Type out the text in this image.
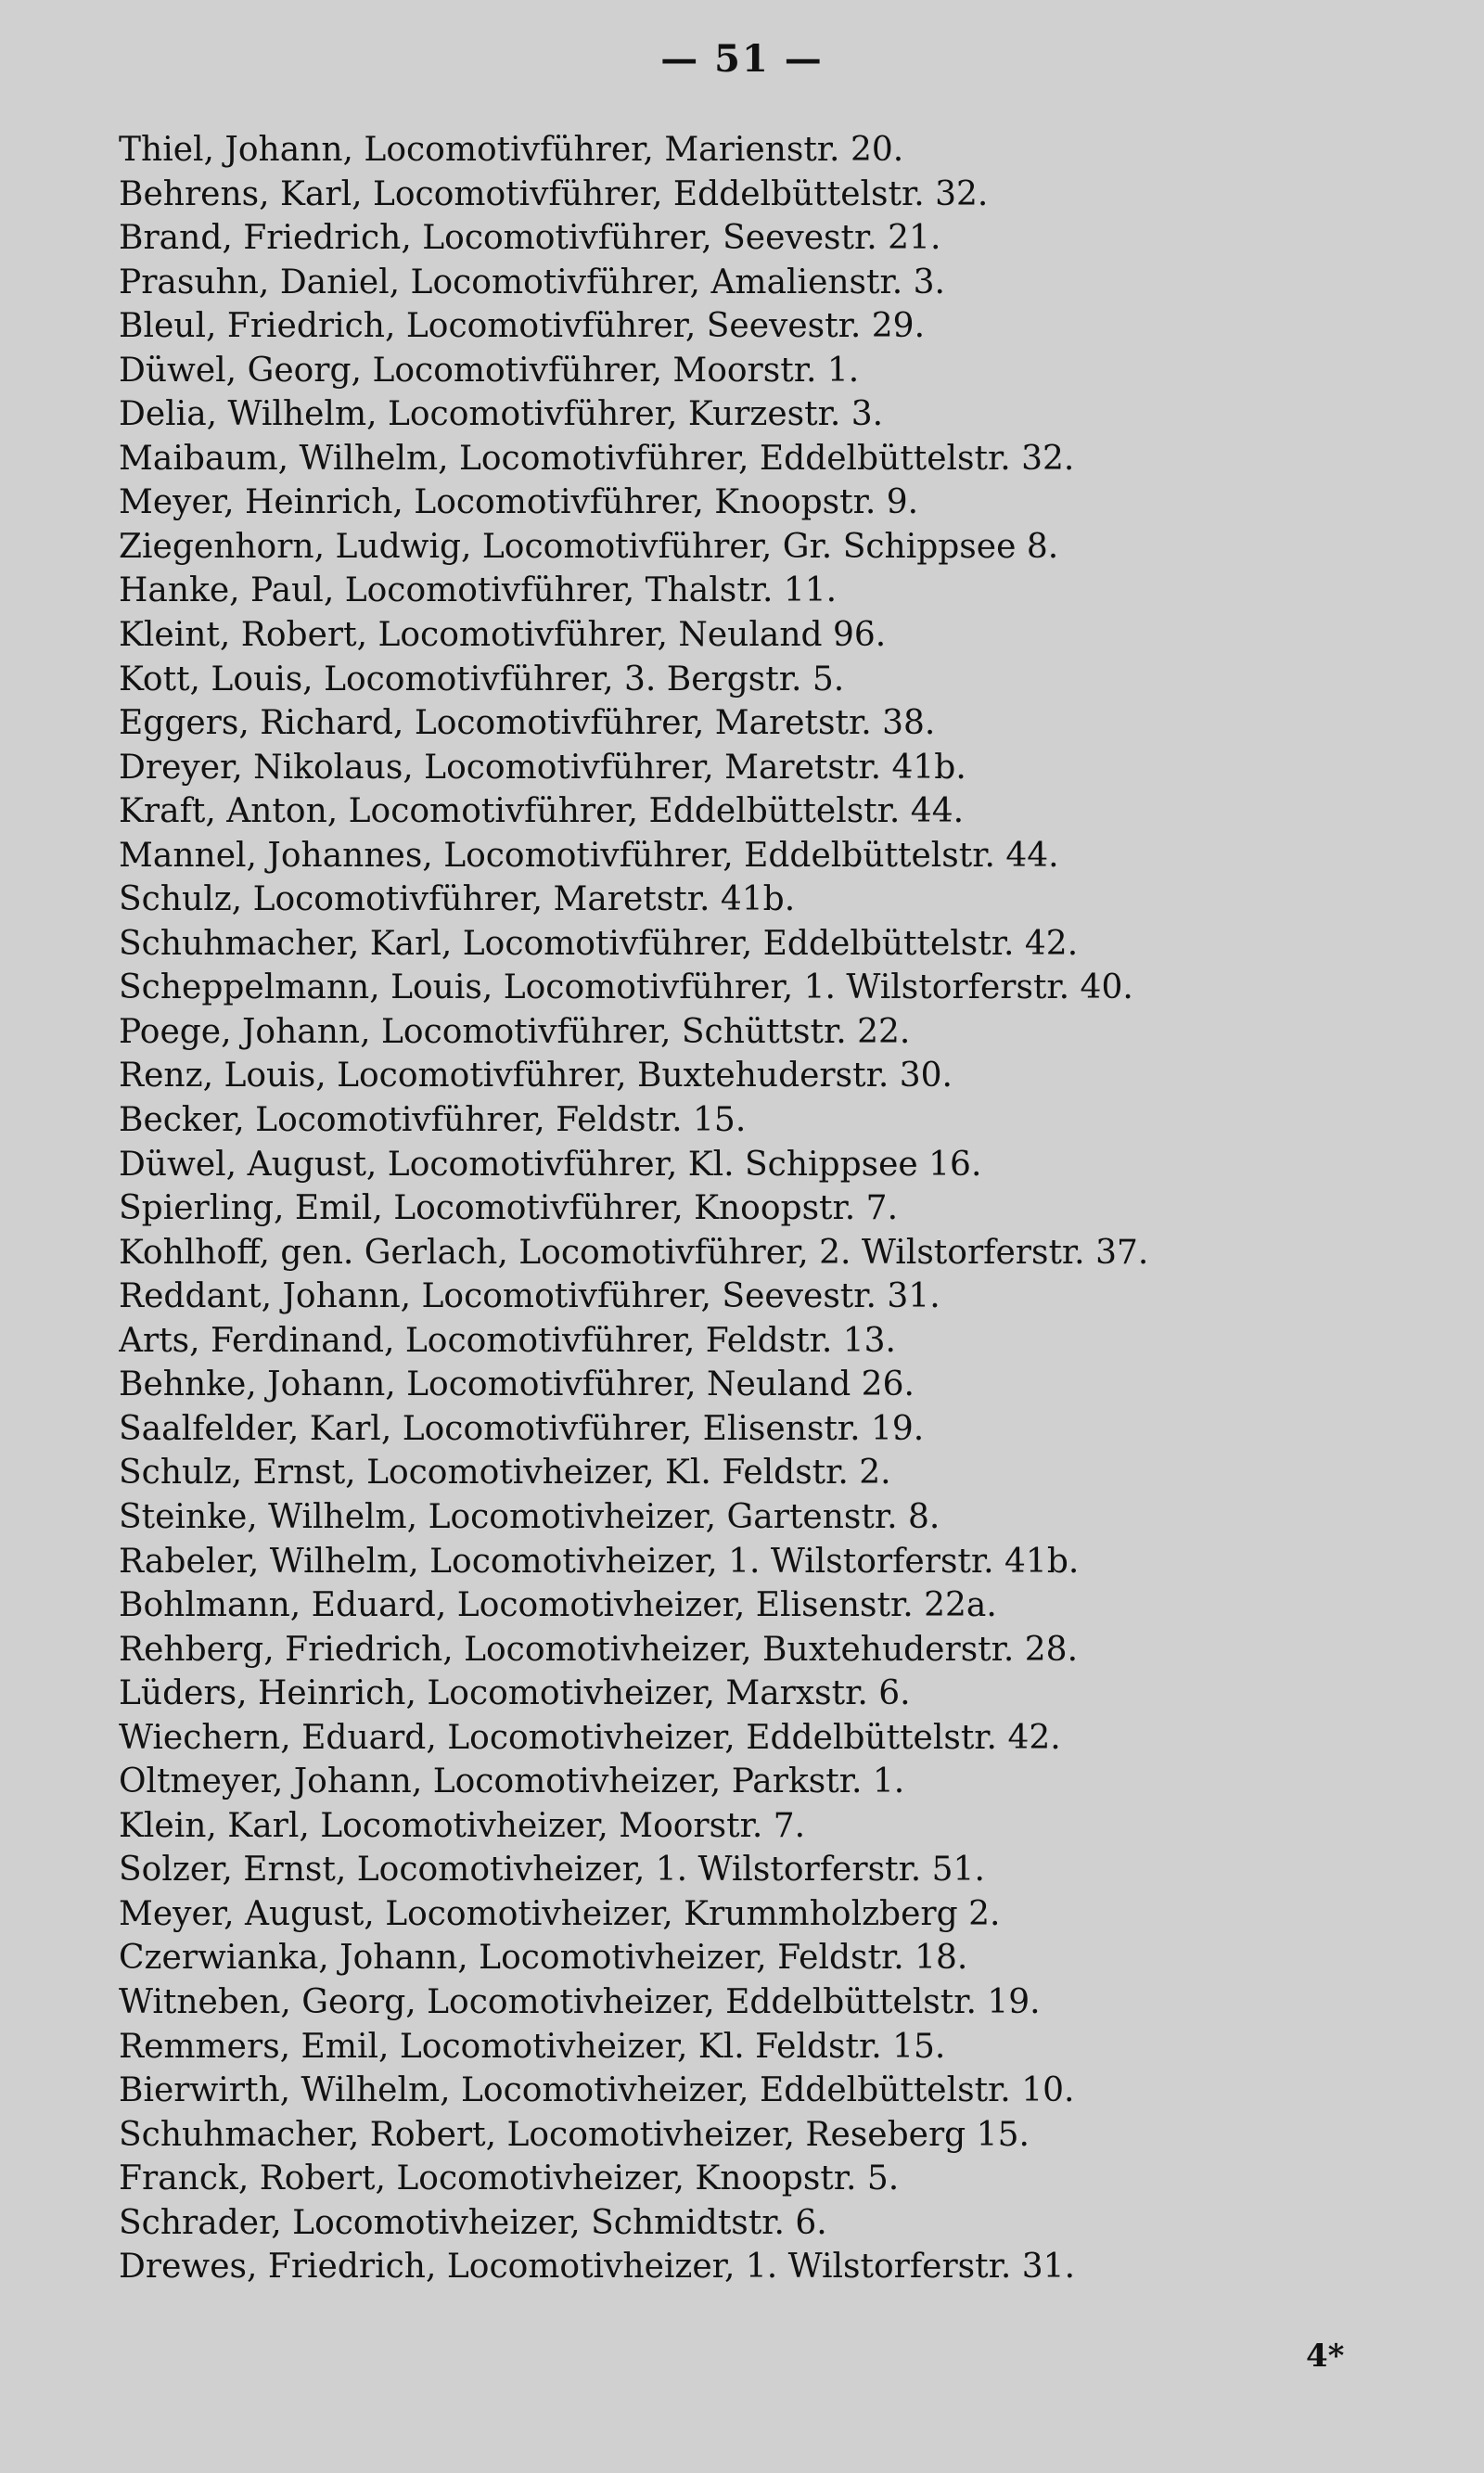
— 51 —
Thiel, Johann, Locomotivführer, Marienstr. 20.
Behrens, Karl, Locomotivführer, Eddelbüttelstr. 32.
Brand, Friedrich, Locomotivführer, Seevestr. 21.
Prasuhn, Daniel, Locomotivführer, Amalienstr. 3.
Bleul, Friedrich, Locomotivführer, Seevestr. 29.
Düwel, Georg, Locomotivführer, Moorstr. 1.
Delia, Wilhelm, Locomotivführer, Kurzestr. 3.
Maibaum, Wilhelm, Locomotivführer, Eddelbüttelstr. 32.
Meyer, Heinrich, Locomotivführer, Knoopstr. 9.
Ziegenhorn, Ludwig, Locomotivführer, Gr. Schippsee 8.
Hanke, Paul, Locomotivführer, Thalstr. 11.
Kleint, Robert, Locomotivführer, Neuland 96.
Kott, Louis, Locomotivführer, 3. Bergstr. 5.
Eggers, Richard, Locomotivführer, Maretstr. 38.
Dreyer, Nikolaus, Locomotivführer, Maretstr. 41b.
Kraft, Anton, Locomotivführer, Eddelbüttelstr. 44.
Mannel, Johannes, Locomotivführer, Eddelbüttelstr. 44.
Schulz, Locomotivführer, Maretstr. 41b.
Schuhmacher, Karl, Locomotivführer, Eddelbüttelstr. 42.
Scheppelmann, Louis, Locomotivführer, 1. Wilstorferstr. 40.
Poege, Johann, Locomotivführer, Schüttstr. 22.
Renz, Louis, Locomotivführer, Buxtehuderstr. 30.
Becker, Locomotivführer, Feldstr. 15.
Düwel, August, Locomotivführer, Kl. Schippsee 16.
Spierling, Emil, Locomotivführer, Knoopstr. 7.
Kohlhoff, gen. Gerlach, Locomotivführer, 2. Wilstorferstr. 37.
Reddant, Johann, Locomotivführer, Seevestr. 31.
Arts, Ferdinand, Locomotivführer, Feldstr. 13.
Behnke, Johann, Locomotivführer, Neuland 26.
Saalfelder, Karl, Locomotivführer, Elisenstr. 19.
Schulz, Ernst, Locomotivheizer, Kl. Feldstr. 2.
Steinke, Wilhelm, Locomotivheizer, Gartenstr. 8.
Rabeler, Wilhelm, Locomotivheizer, 1. Wilstorferstr. 41b.
Bohlmann, Eduard, Locomotivheizer, Elisenstr. 22a.
Rehberg, Friedrich, Locomotivheizer, Buxtehuderstr. 28.
Lüders, Heinrich, Locomotivheizer, Marxstr. 6.
Wiechern, Eduard, Locomotivheizer, Eddelbüttelstr. 42.
Oltmeyer, Johann, Locomotivheizer, Parkstr. 1.
Klein, Karl, Locomotivheizer, Moorstr. 7.
Solzer, Ernst, Locomotivheizer, 1. Wilstorferstr. 51.
Meyer, August, Locomotivheizer, Krummholzberg 2.
Czerwianka, Johann, Locomotivheizer, Feldstr. 18.
Witneben, Georg, Locomotivheizer, Eddelbüttelstr. 19.
Remmers, Emil, Locomotivheizer, Kl. Feldstr. 15.
Bierwirth, Wilhelm, Locomotivheizer, Eddelbüttelstr. 10.
Schuhmacher, Robert, Locomotivheizer, Reseberg 15.
Franck, Robert, Locomotivheizer, Knoopstr. 5.
Schrader, Locomotivheizer, Schmidtstr. 6.
Drewes, Friedrich, Locomotivheizer, 1. Wilstorferstr. 31.
4*
